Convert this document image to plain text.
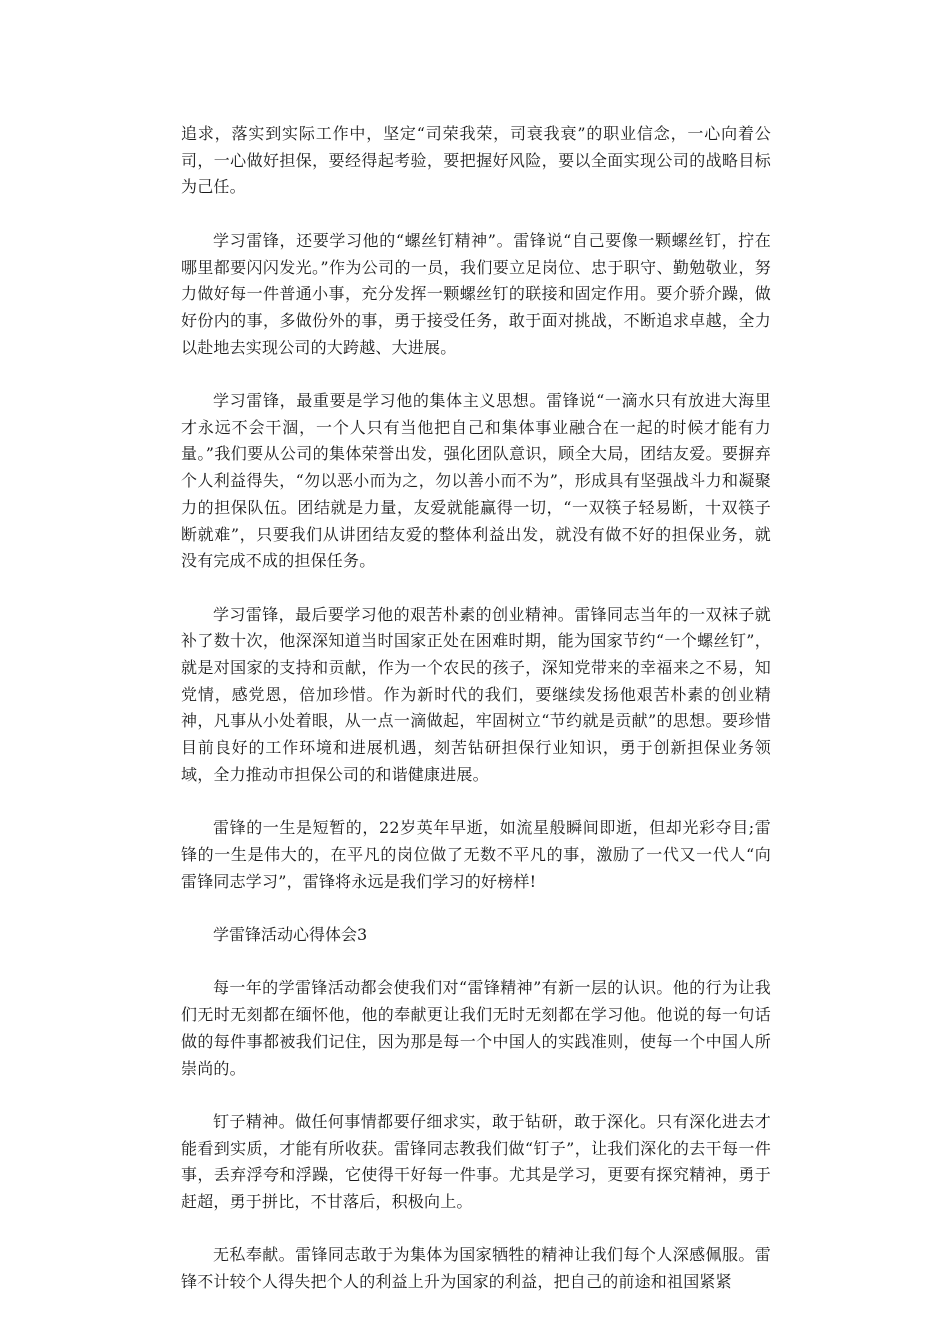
追求，落实到实际工作中，坚定“司荣我荣，司衰我衰”的职业信念，一心向着公司，一心做好担保，要经得起考验，要把握好风险，要以全面实现公司的战略目标为己任。

学习雷锋，还要学习他的“螺丝钉精神”。雷锋说“自己要像一颗螺丝钉，拧在哪里都要闪闪发光。”作为公司的一员，我们要立足岗位、忠于职守、勤勉敬业，努力做好每一件普通小事，充分发挥一颗螺丝钉的联接和固定作用。要介骄介躁，做好份内的事，多做份外的事，勇于接受任务，敢于面对挑战，不断追求卓越，全力以赴地去实现公司的大跨越、大进展。

学习雷锋，最重要是学习他的集体主义思想。雷锋说“一滴水只有放进大海里才永远不会干涸，一个人只有当他把自己和集体事业融合在一起的时候才能有力量。”我们要从公司的集体荣誉出发，强化团队意识，顾全大局，团结友爱。要摒弃个人利益得失，“勿以恶小而为之，勿以善小而不为”，形成具有坚强战斗力和凝聚力的担保队伍。团结就是力量，友爱就能赢得一切，“一双筷子轻易断，十双筷子断就难”，只要我们从讲团结友爱的整体利益出发，就没有做不好的担保业务，就没有完成不成的担保任务。

学习雷锋，最后要学习他的艰苦朴素的创业精神。雷锋同志当年的一双袜子就补了数十次，他深深知道当时国家正处在困难时期，能为国家节约“一个螺丝钉”，就是对国家的支持和贡献，作为一个农民的孩子，深知党带来的幸福来之不易，知党情，感党恩，倍加珍惜。作为新时代的我们，要继续发扬他艰苦朴素的创业精神，凡事从小处着眼，从一点一滴做起，牢固树立“节约就是贡献”的思想。要珍惜目前良好的工作环境和进展机遇，刻苦钻研担保行业知识，勇于创新担保业务领域，全力推动市担保公司的和谐健康进展。

雷锋的一生是短暂的，22岁英年早逝，如流星般瞬间即逝，但却光彩夺目;雷锋的一生是伟大的，在平凡的岗位做了无数不平凡的事，激励了一代又一代人“向雷锋同志学习”，雷锋将永远是我们学习的好榜样!

学雷锋活动心得体会3

每一年的学雷锋活动都会使我们对“雷锋精神”有新一层的认识。他的行为让我们无时无刻都在缅怀他，他的奉献更让我们无时无刻都在学习他。他说的每一句话做的每件事都被我们记住，因为那是每一个中国人的实践准则，使每一个中国人所崇尚的。

钉子精神。做任何事情都要仔细求实，敢于钻研，敢于深化。只有深化进去才能看到实质，才能有所收获。雷锋同志教我们做“钉子”，让我们深化的去干每一件事，丢弃浮夸和浮躁，它使得干好每一件事。尤其是学习，更要有探究精神，勇于赶超，勇于拼比，不甘落后，积极向上。

无私奉献。雷锋同志敢于为集体为国家牺牲的精神让我们每个人深感佩服。雷锋不计较个人得失把个人的利益上升为国家的利益，把自己的前途和祖国紧紧
